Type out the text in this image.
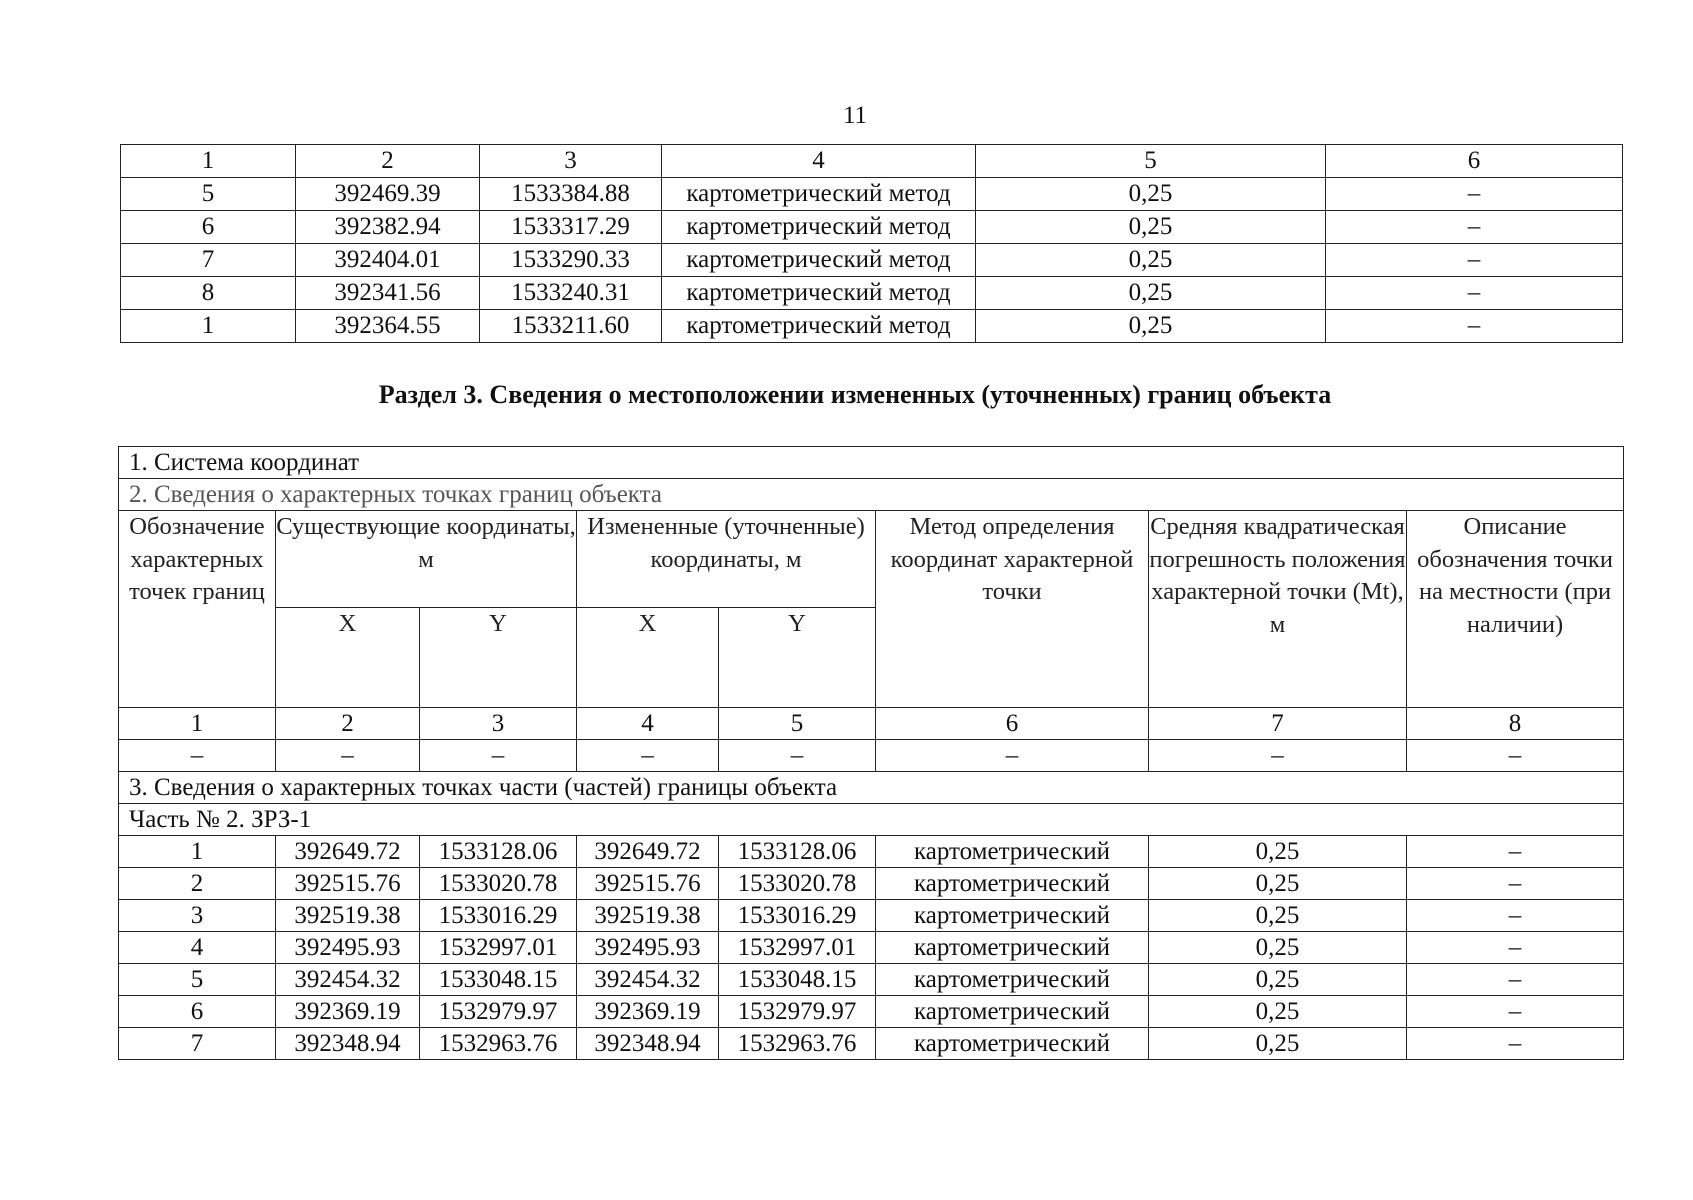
11
1	2	3	4	5	6
5	392469.39	1533384.88	картометрический метод	0,25	–
6	392382.94	1533317.29	картометрический метод	0,25	–
7	392404.01	1533290.33	картометрический метод	0,25	–
8	392341.56	1533240.31	картометрический метод	0,25	–
1	392364.55	1533211.60	картометрический метод	0,25	–
Раздел 3. Сведения о местоположении измененных (уточненных) границ объекта
1. Система координат							
2. Сведения о характерных точках границ объекта							
Обозначение характерных точек границ	Существующие координаты, м		Измененные (уточненные) координаты, м		Метод определения координат характерной точки	Средняя квадратическая погрешность положения характерной точки (Mt), м	Описание обозначения точки на местности (при наличии)
	X	Y	X	Y			
1	2	3	4	5	6	7	8
–	–	–	–	–	–	–	–
3. Сведения о характерных точках части (частей) границы объекта							
Часть № 2. ЗРЗ-1							
1	392649.72	1533128.06	392649.72	1533128.06	картометрический	0,25	–
2	392515.76	1533020.78	392515.76	1533020.78	картометрический	0,25	–
3	392519.38	1533016.29	392519.38	1533016.29	картометрический	0,25	–
4	392495.93	1532997.01	392495.93	1532997.01	картометрический	0,25	–
5	392454.32	1533048.15	392454.32	1533048.15	картометрический	0,25	–
6	392369.19	1532979.97	392369.19	1532979.97	картометрический	0,25	–
7	392348.94	1532963.76	392348.94	1532963.76	картометрический	0,25	–
